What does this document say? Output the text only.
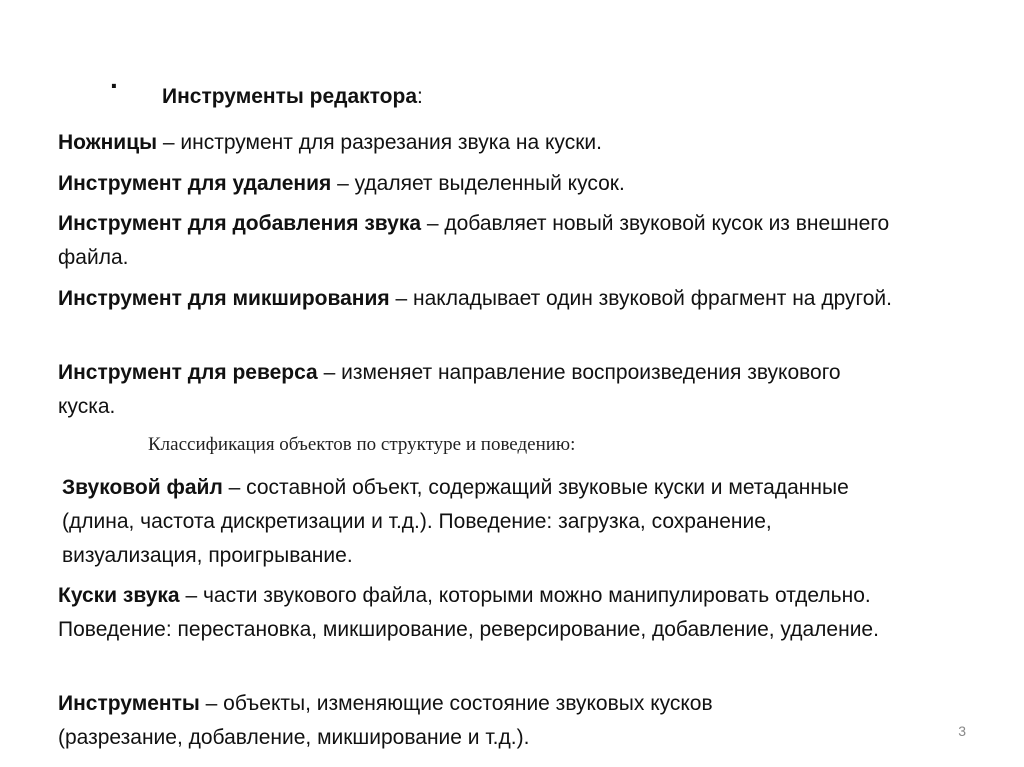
· Инструменты редактора:

Ножницы – инструмент для разрезания звука на куски.

Инструмент для удаления – удаляет выделенный кусок.

Инструмент для добавления звука – добавляет новый звуковой кусок из внешнего файла.

Инструмент для микширования – накладывает один звуковой фрагмент на другой.

Инструмент для реверса – изменяет направление воспроизведения звукового куска.

Классификация объектов по структуре и поведению:

Звуковой файл – составной объект, содержащий звуковые куски и метаданные (длина, частота дискретизации и т.д.). Поведение: загрузка, сохранение, визуализация, проигрывание.

Куски звука – части звукового файла, которыми можно манипулировать отдельно. Поведение: перестановка, микширование, реверсирование, добавление, удаление.

Инструменты – объекты, изменяющие состояние звуковых кусков (разрезание, добавление, микширование и т.д.).	3
